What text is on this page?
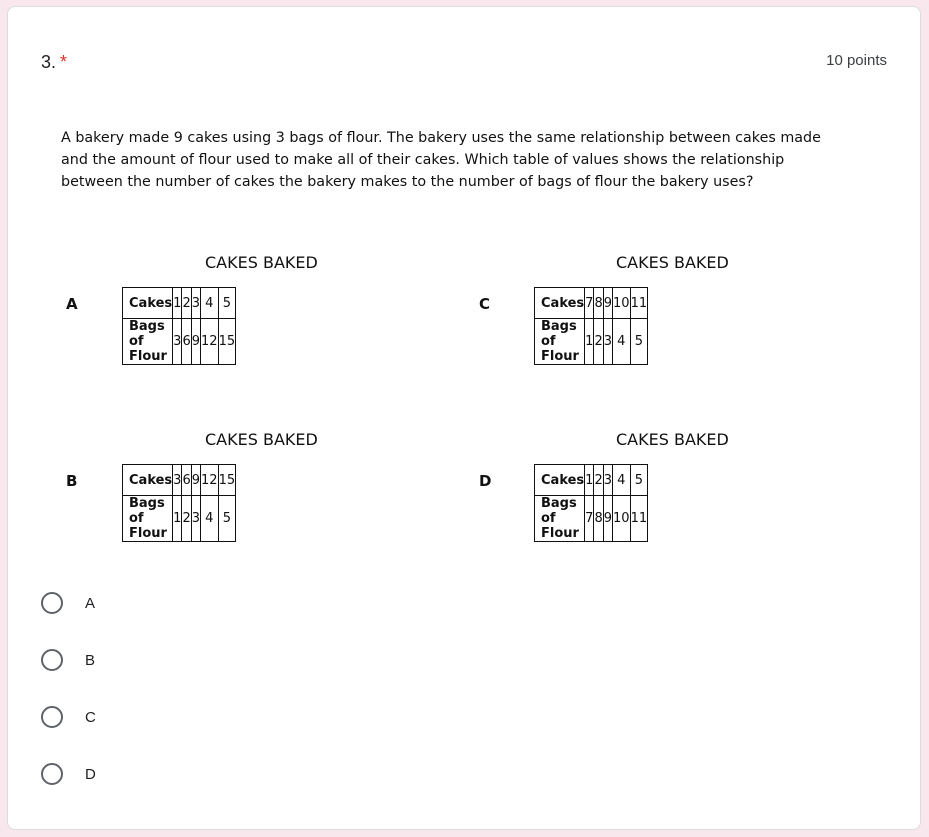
3. *	10 points

A bakery made 9 cakes using 3 bags of flour. The bakery uses the same relationship between cakes made and the amount of flour used to make all of their cakes. Which table of values shows the relationship between the number of cakes the bakery makes to the number of bags of flour the bakery uses?

A
CAKES BAKED
Cakes	1	2	3	4	5
Bags of Flour	3	6	9	12	15
B
CAKES BAKED
Cakes	3	6	9	12	15
Bags of Flour	1	2	3	4	5
C
CAKES BAKED
Cakes	7	8	9	10	11
Bags of Flour	1	2	3	4	5
D
CAKES BAKED
Cakes	1	2	3	4	5
Bags of Flour	7	8	9	10	11
A
B
C
D
